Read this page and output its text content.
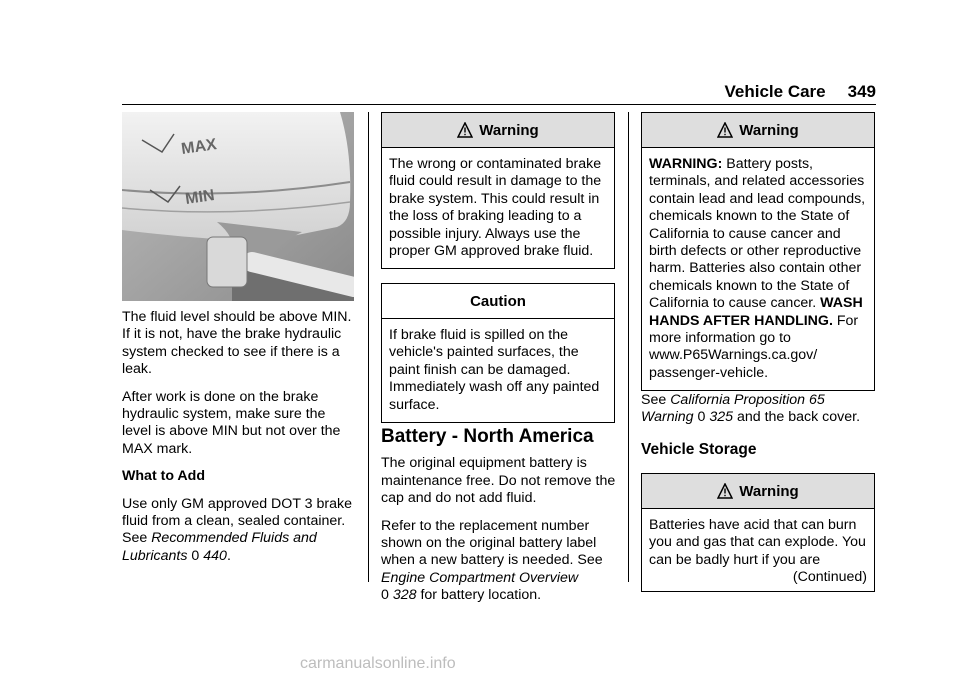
Vehicle Care 349
MAX
MIN

The fluid level should be above MIN. If it is not, have the brake hydraulic system checked to see if there is a leak.

After work is done on the brake hydraulic system, make sure the level is above MIN but not over the MAX mark.

What to Add

Use only GM approved DOT 3 brake fluid from a clean, sealed container. See Recommended Fluids and Lubricants 0 440.

Warning
The wrong or contaminated brake fluid could result in damage to the brake system. This could result in the loss of braking leading to a possible injury. Always use the proper GM approved brake fluid.
Caution
If brake fluid is spilled on the vehicle's painted surfaces, the paint finish can be damaged. Immediately wash off any painted surface.
Battery - North America

The original equipment battery is maintenance free. Do not remove the cap and do not add fluid.

Refer to the replacement number shown on the original battery label when a new battery is needed. See Engine Compartment Overview
0 328 for battery location.

Warning
WARNING: Battery posts, terminals, and related accessories contain lead and lead compounds, chemicals known to the State of California to cause cancer and birth defects or other reproductive harm. Batteries also contain other chemicals known to the State of California to cause cancer. WASH HANDS AFTER HANDLING. For more information go to www.P65Warnings.ca.gov/ passenger-vehicle.

See California Proposition 65 Warning 0 325 and the back cover.

Vehicle Storage
Warning
Batteries have acid that can burn you and gas that can explode. You can be badly hurt if you are
(Continued)
carmanualsonline.info
